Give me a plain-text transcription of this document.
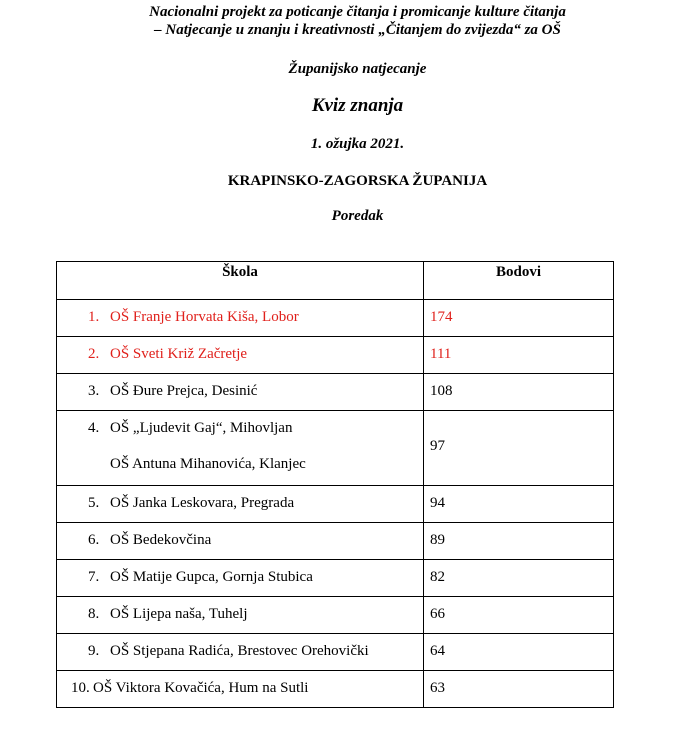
Nacionalni projekt za poticanje čitanja i promicanje kulture čitanja
– Natjecanje u znanju i kreativnosti „Čitanjem do zvijezda“ za OŠ
Županijsko natjecanje
Kviz znanja
1. ožujka 2021.
KRAPINSKO-ZAGORSKA ŽUPANIJA
Poredak
Škola	Bodovi
1. OŠ Franje Horvata Kiša, Lobor	174
2. OŠ Sveti Križ Začretje	111
3. OŠ Đure Prejca, Desinić	108
4. OŠ „Ljudevit Gaj“, Mihovljan
OŠ Antuna Mihanovića, Klanjec	97
5. OŠ Janka Leskovara, Pregrada	94
6. OŠ Bedekovčina	89
7. OŠ Matije Gupca, Gornja Stubica	82
8. OŠ Lijepa naša, Tuhelj	66
9. OŠ Stjepana Radića, Brestovec Orehovički	64
10. OŠ Viktora Kovačića, Hum na Sutli	63
